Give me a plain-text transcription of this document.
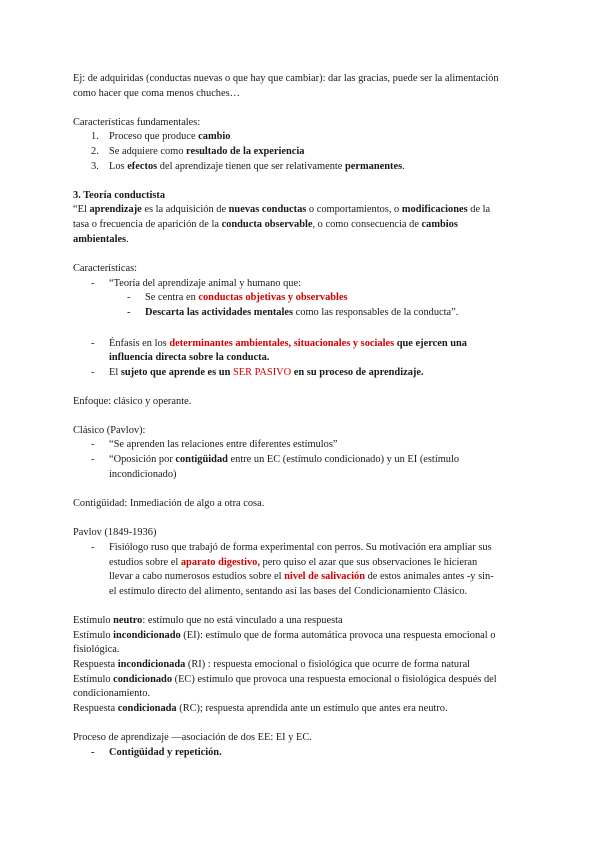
Ej: de adquiridas (conductas nuevas o que hay que cambiar): dar las gracias, puede ser la alimentación
como hacer que coma menos chuches…
Características fundamentales:
1. Proceso que produce cambio
2. Se adquiere como resultado de la experiencia
3. Los efectos del aprendizaje tienen que ser relativamente permanentes.
3. Teoría conductista
“El aprendizaje es la adquisición de nuevas conductas o comportamientos, o modificaciones de la
tasa o frecuencia de aparición de la conducta observable, o como consecuencia de cambios
ambientales.
Características:
- “Teoría del aprendizaje animal y humano que:
- Se centra en conductas objetivas y observables
- Descarta las actividades mentales como las responsables de la conducta”.
- Énfasis en los determinantes ambientales, situacionales y sociales que ejercen una
influencia directa sobre la conducta.
- El sujeto que aprende es un SER PASIVO en su proceso de aprendizaje.
Enfoque: clásico y operante.
Clásico (Pavlov):
- “Se aprenden las relaciones entre diferentes estímulos”
- “Oposición por contigüidad entre un EC (estímulo condicionado) y un EI (estímulo
incondicionado)
Contigüidad: Inmediación de algo a otra cosa.
Pavlov (1849-1936)
- Fisiólogo ruso que trabajó de forma experimental con perros. Su motivación era ampliar sus
estudios sobre el aparato digestivo, pero quiso el azar que sus observaciones le hicieran
llevar a cabo numerosos estudios sobre el nivel de salivación de estos animales antes -y sin-
el estímulo directo del alimento, sentando así las bases del Condicionamiento Clásico.
Estímulo neutro: estímulo que no está vinculado a una respuesta
Estímulo incondicionado (EI): estímulo que de forma automática provoca una respuesta emocional o
fisiológica.
Respuesta incondicionada (RI) : respuesta emocional o fisiológica que ocurre de forma natural
Estímulo condicionado (EC) estímulo que provoca una respuesta emocional o fisiológica después del
condicionamiento.
Respuesta condicionada (RC); respuesta aprendida ante un estímulo que antes era neutro.
Proceso de aprendizaje —asociación de dos EE: EI y EC.
- Contigüidad y repetición.
